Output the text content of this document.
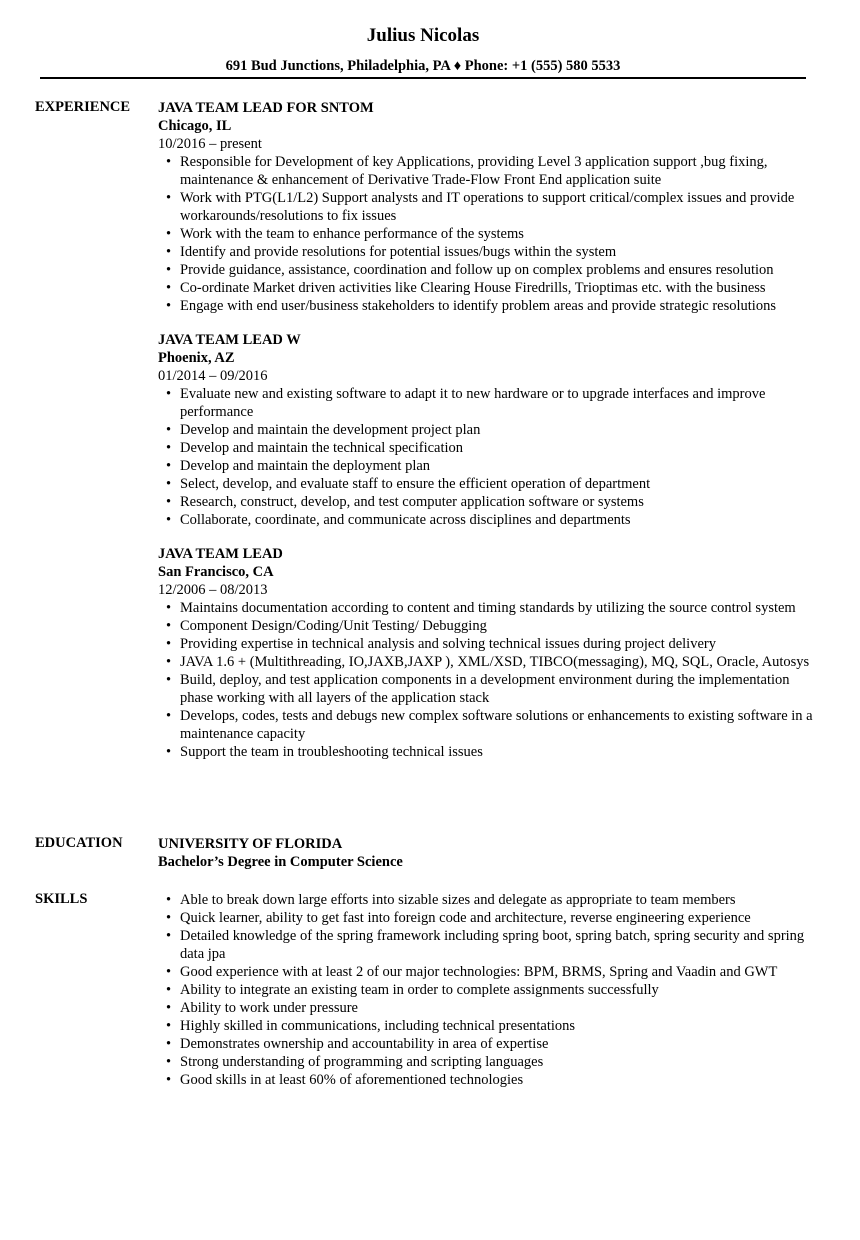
Julius Nicolas
691 Bud Junctions, Philadelphia, PA ♦ Phone: +1 (555) 580 5533
EXPERIENCE JAVA TEAM LEAD FOR SNTOM
Chicago, IL
10/2016 – present
• Responsible for Development of key Applications, providing Level 3 application support ,bug fixing, maintenance & enhancement of Derivative Trade-Flow Front End application suite
• Work with PTG(L1/L2) Support analysts and IT operations to support critical/complex issues and provide workarounds/resolutions to fix issues
• Work with the team to enhance performance of the systems
• Identify and provide resolutions for potential issues/bugs within the system
• Provide guidance, assistance, coordination and follow up on complex problems and ensures resolution
• Co-ordinate Market driven activities like Clearing House Firedrills, Trioptimas etc. with the business
• Engage with end user/business stakeholders to identify problem areas and provide strategic resolutions
JAVA TEAM LEAD W
Phoenix, AZ
01/2014 – 09/2016
• Evaluate new and existing software to adapt it to new hardware or to upgrade interfaces and improve performance
• Develop and maintain the development project plan
• Develop and maintain the technical specification
• Develop and maintain the deployment plan
• Select, develop, and evaluate staff to ensure the efficient operation of department
• Research, construct, develop, and test computer application software or systems
• Collaborate, coordinate, and communicate across disciplines and departments
JAVA TEAM LEAD
San Francisco, CA
12/2006 – 08/2013
• Maintains documentation according to content and timing standards by utilizing the source control system
• Component Design/Coding/Unit Testing/ Debugging
• Providing expertise in technical analysis and solving technical issues during project delivery
• JAVA 1.6 + (Multithreading, IO,JAXB,JAXP ), XML/XSD, TIBCO(messaging), MQ, SQL, Oracle, Autosys
• Build, deploy, and test application components in a development environment during the implementation phase working with all layers of the application stack
• Develops, codes, tests and debugs new complex software solutions or enhancements to existing software in a maintenance capacity
• Support the team in troubleshooting technical issues
EDUCATION UNIVERSITY OF FLORIDA
Bachelor’s Degree in Computer Science
SKILLS
•	Able to break down large efforts into sizable sizes and delegate as appropriate to team members
• Quick learner, ability to get fast into foreign code and architecture, reverse engineering experience
• Detailed knowledge of the spring framework including spring boot, spring batch, spring security and spring data jpa
• Good experience with at least 2 of our major technologies: BPM, BRMS, Spring and Vaadin and GWT
• Ability to integrate an existing team in order to complete assignments successfully
• Ability to work under pressure
• Highly skilled in communications, including technical presentations
• Demonstrates ownership and accountability in area of expertise
• Strong understanding of programming and scripting languages
• Good skills in at least 60% of aforementioned technologies
